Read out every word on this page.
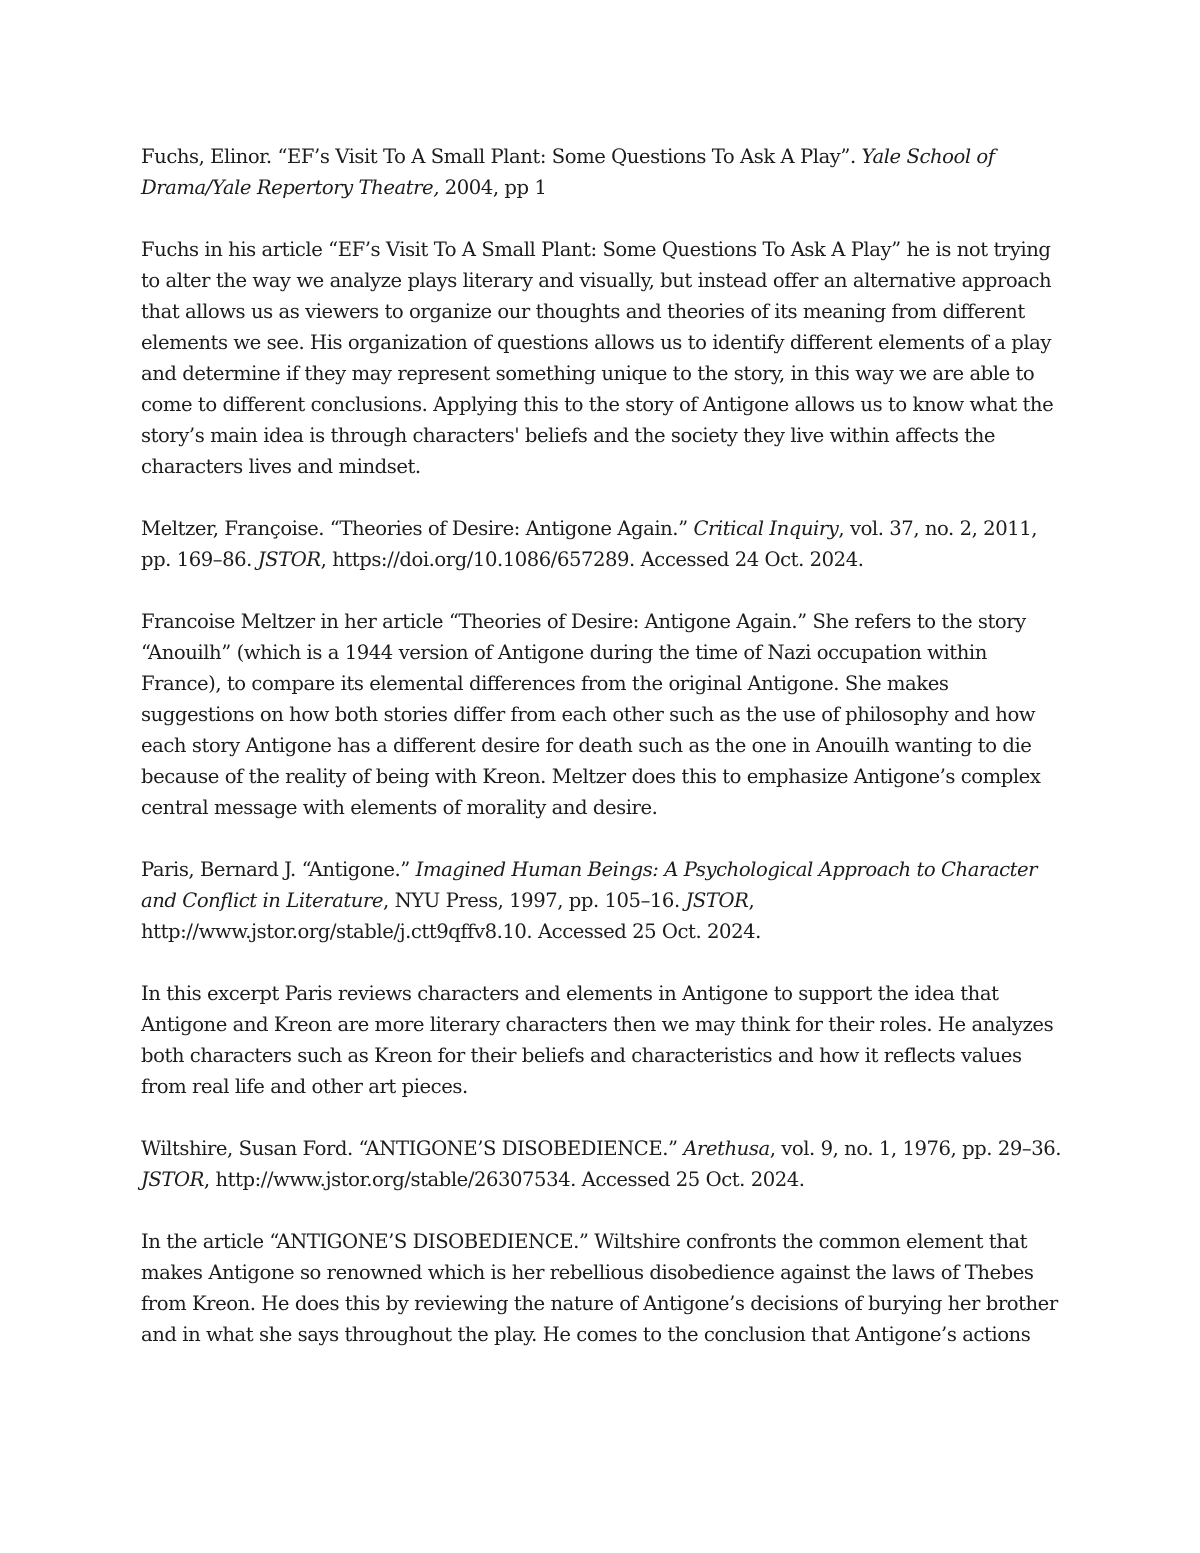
Fuchs, Elinor. “EF’s Visit To A Small Plant: Some Questions To Ask A Play”. Yale School of Drama/Yale Repertory Theatre, 2004, pp 1

Fuchs in his article “EF’s Visit To A Small Plant: Some Questions To Ask A Play” he is not trying to alter the way we analyze plays literary and visually, but instead offer an alternative approach that allows us as viewers to organize our thoughts and theories of its meaning from different elements we see. His organization of questions allows us to identify different elements of a play and determine if they may represent something unique to the story, in this way we are able to come to different conclusions. Applying this to the story of Antigone allows us to know what the story’s main idea is through characters' beliefs and the society they live within affects the characters lives and mindset.

Meltzer, Françoise. “Theories of Desire: Antigone Again.” Critical Inquiry, vol. 37, no. 2, 2011, pp. 169–86. JSTOR, https://doi.org/10.1086/657289. Accessed 24 Oct. 2024.

Francoise Meltzer in her article “Theories of Desire: Antigone Again.” She refers to the story “Anouilh” (which is a 1944 version of Antigone during the time of Nazi occupation within France), to compare its elemental differences from the original Antigone. She makes suggestions on how both stories differ from each other such as the use of philosophy and how each story Antigone has a different desire for death such as the one in Anouilh wanting to die because of the reality of being with Kreon. Meltzer does this to emphasize Antigone’s complex central message with elements of morality and desire.

Paris, Bernard J. “Antigone.” Imagined Human Beings: A Psychological Approach to Character and Conflict in Literature, NYU Press, 1997, pp. 105–16. JSTOR, http://www.jstor.org/stable/j.ctt9qffv8.10. Accessed 25 Oct. 2024.

In this excerpt Paris reviews characters and elements in Antigone to support the idea that Antigone and Kreon are more literary characters then we may think for their roles. He analyzes both characters such as Kreon for their beliefs and characteristics and how it reflects values from real life and other art pieces.

Wiltshire, Susan Ford. “ANTIGONE’S DISOBEDIENCE.” Arethusa, vol. 9, no. 1, 1976, pp. 29–36. JSTOR, http://www.jstor.org/stable/26307534. Accessed 25 Oct. 2024.

In the article “ANTIGONE’S DISOBEDIENCE.” Wiltshire confronts the common element that makes Antigone so renowned which is her rebellious disobedience against the laws of Thebes from Kreon. He does this by reviewing the nature of Antigone’s decisions of burying her brother and in what she says throughout the play. He comes to the conclusion that Antigone’s actions
